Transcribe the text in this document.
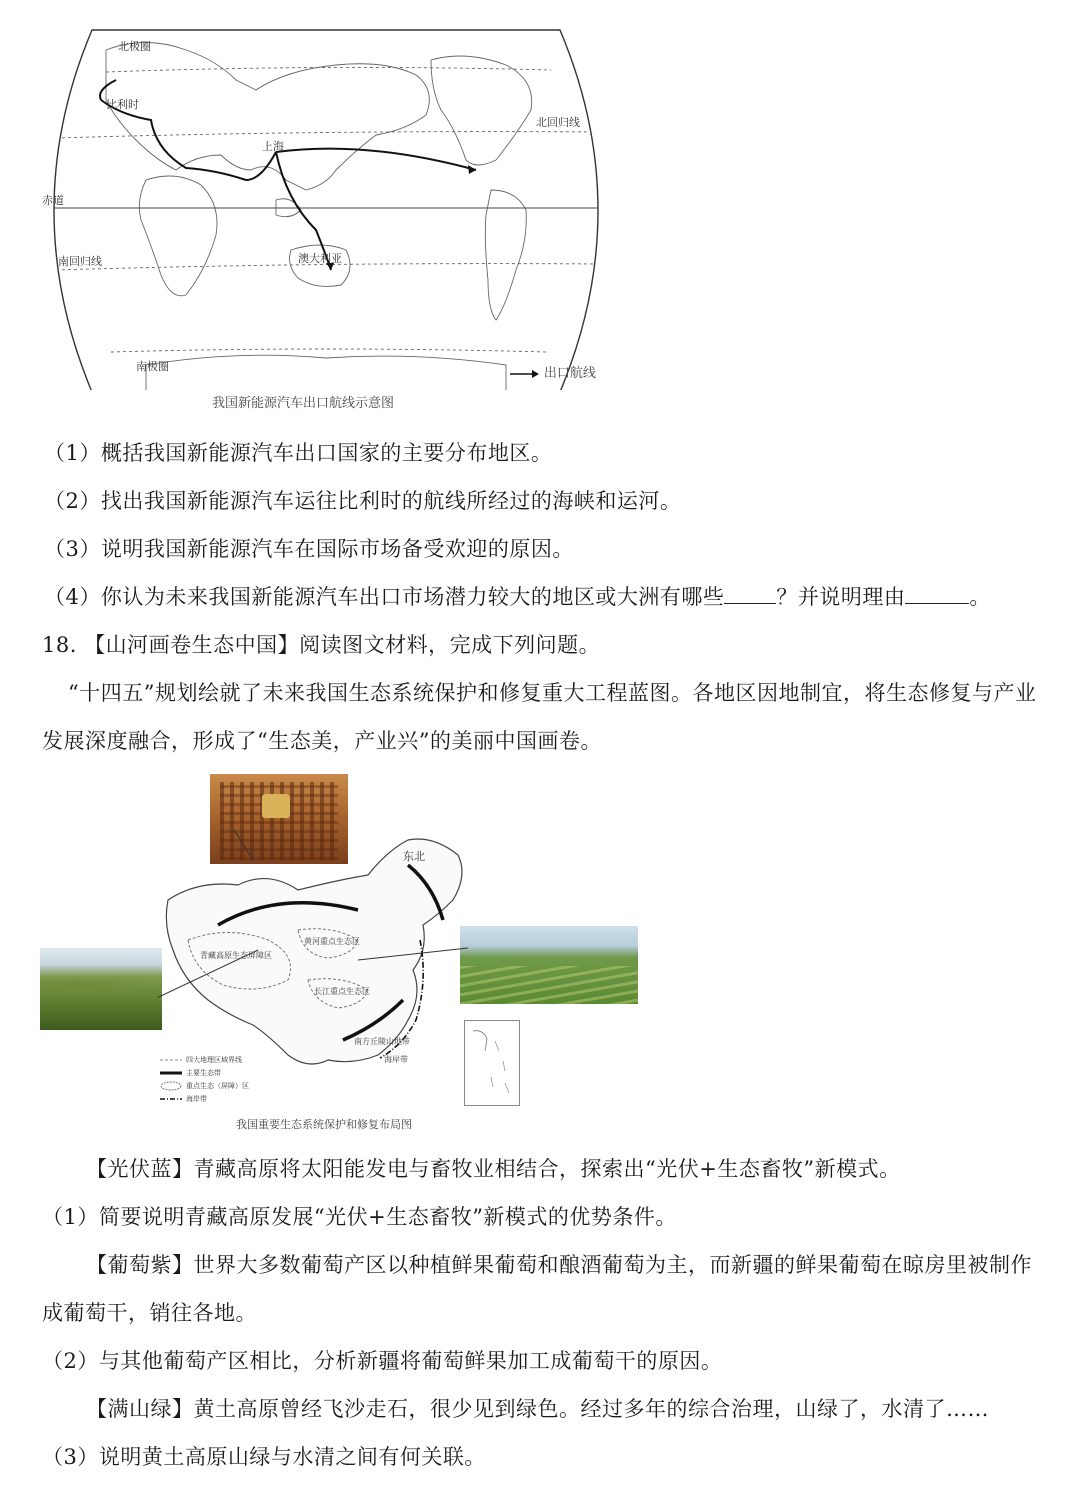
北极圈
北回归线
赤道
南回归线
南极圈
比利时
上海
澳大利亚
出口航线
我国新能源汽车出口航线示意图
（1）概括我国新能源汽车出口国家的主要分布地区。
（2）找出我国新能源汽车运往比利时的航线所经过的海峡和运河。
（3）说明我国新能源汽车在国际市场备受欢迎的原因。
（4）你认为未来我国新能源汽车出口市场潜力较大的地区或大洲有哪些 ？并说明理由	。
18. 【山河画卷生态中国】阅读图文材料，完成下列问题。
“十四五”规划绘就了未来我国生态系统保护和修复重大工程蓝图。各地区因地制宜，将生态修复与产业
发展深度融合，形成了“生态美，产业兴”的美丽中国画卷。
东北
青藏高原生态屏障区
黄河重点生态区
长江重点生态区
南方丘陵山地带
海岸带
四大地理区域界线
主要生态带
重点生态（屏障）区
海岸带
我国重要生态系统保护和修复布局图
【光伏蓝】青藏高原将太阳能发电与畜牧业相结合，探索出“光伏+生态畜牧”新模式。
（1）简要说明青藏高原发展“光伏+生态畜牧”新模式的优势条件。
【葡萄紫】世界大多数葡萄产区以种植鲜果葡萄和酿酒葡萄为主，而新疆的鲜果葡萄在晾房里被制作
成葡萄干，销往各地。
（2）与其他葡萄产区相比，分析新疆将葡萄鲜果加工成葡萄干的原因。
【满山绿】黄土高原曾经飞沙走石，很少见到绿色。经过多年的综合治理，山绿了，水清了……
（3）说明黄土高原山绿与水清之间有何关联。
